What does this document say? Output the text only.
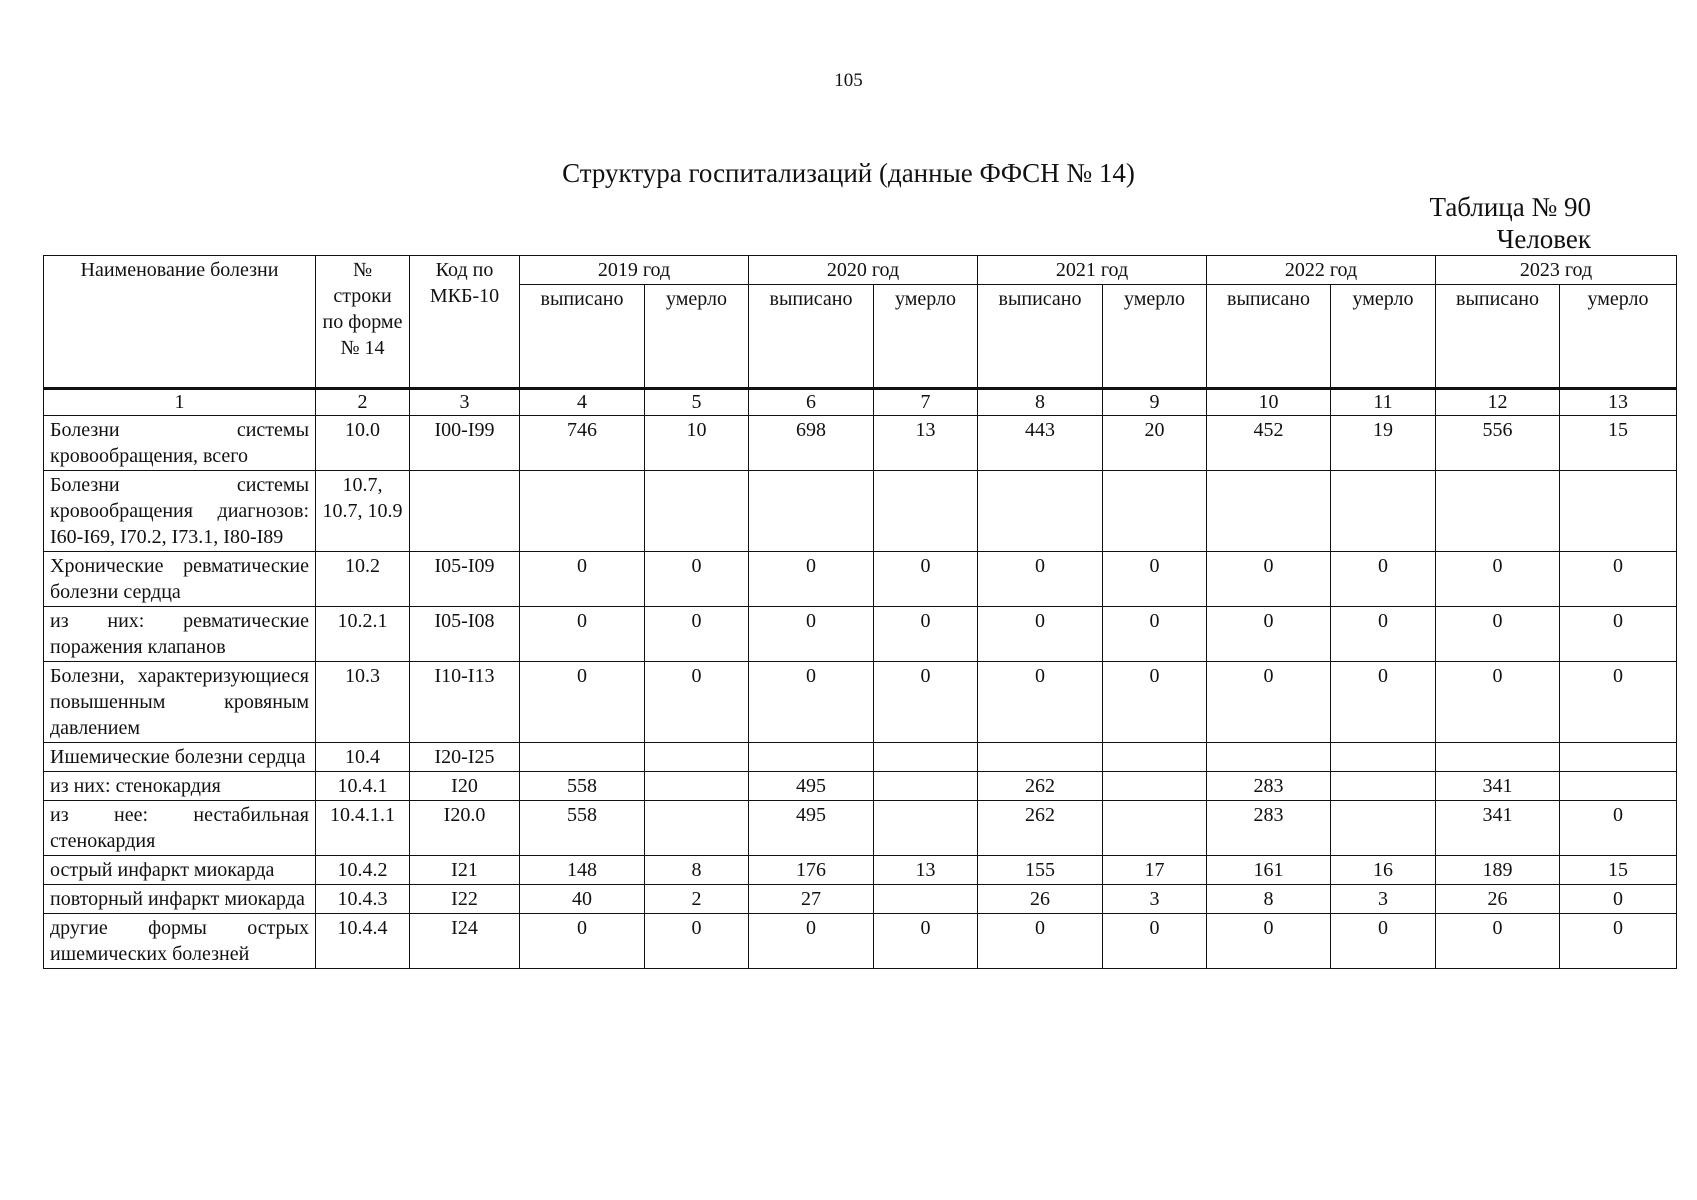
105
Структура госпитализаций (данные ФФСН № 14)
Таблица № 90
Человек
Наименование болезни	№ строки по форме № 14	Код по МКБ-10	2019 год		2020 год		2021 год		2022 год		2023 год	
			выписано	умерло	выписано	умерло	выписано	умерло	выписано	умерло	выписано	умерло
1	2	3	4	5	6	7	8	9	10	11	12	13
Болезни системы кровообращения, всего	10.0	I00-I99	746	10	698	13	443	20	452	19	556	15
Болезни системы кровообращения диагнозов: I60-I69, I70.2, I73.1, I80-I89	10.7, 10.7, 10.9											
Хронические ревматические болезни сердца	10.2	I05-I09	0	0	0	0	0	0	0	0	0	0
из них: ревматические поражения клапанов	10.2.1	I05-I08	0	0	0	0	0	0	0	0	0	0
Болезни, характеризующиеся повышенным кровяным давлением	10.3	I10-I13	0	0	0	0	0	0	0	0	0	0
Ишемические болезни сердца	10.4	I20-I25										
из них: стенокардия	10.4.1	I20	558		495		262		283		341	
из нее: нестабильная стенокардия	10.4.1.1	I20.0	558		495		262		283		341	0
острый инфаркт миокарда	10.4.2	I21	148	8	176	13	155	17	161	16	189	15
повторный инфаркт миокарда	10.4.3	I22	40	2	27		26	3	8	3	26	0
другие формы острых ишемических болезней	10.4.4	I24	0	0	0	0	0	0	0	0	0	0
